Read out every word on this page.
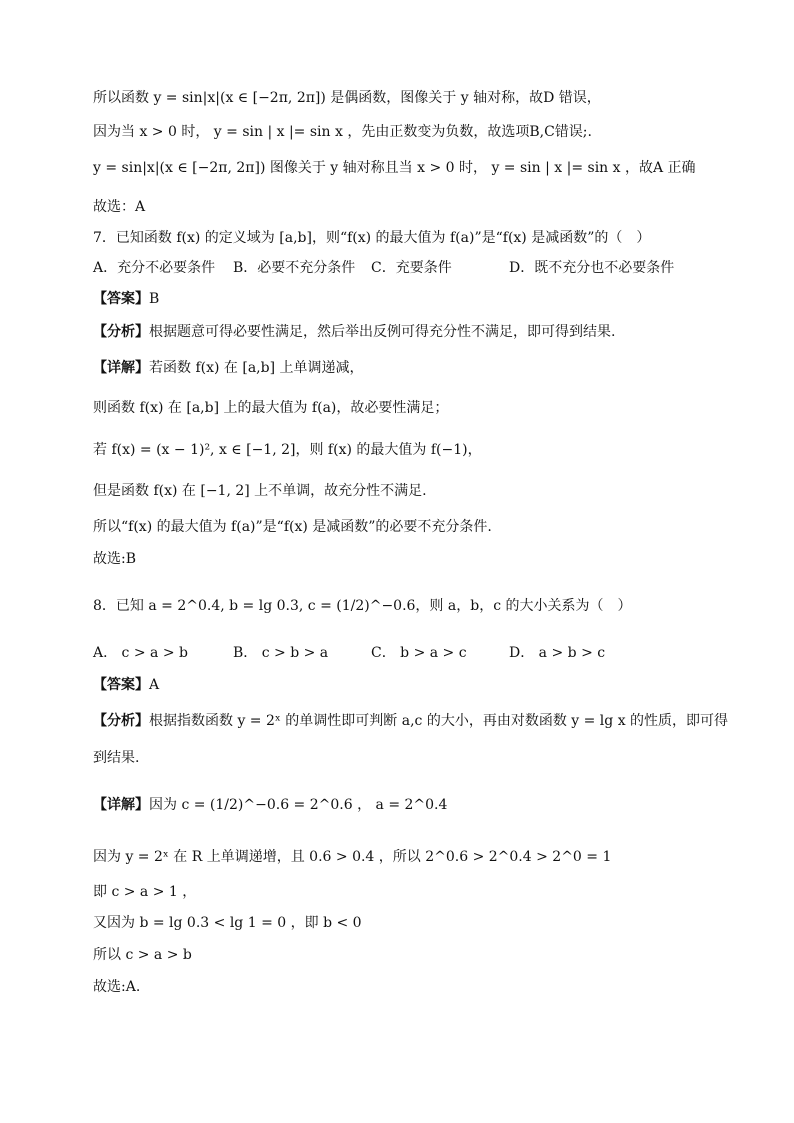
所以函数 y = sin|x|(x ∈ [−2π, 2π]) 是偶函数，图像关于 y 轴对称，故D 错误，
因为当 x > 0 时， y = sin | x |= sin x ，先由正数变为负数，故选项B,C错误;.
y = sin|x|(x ∈ [−2π, 2π]) 图像关于 y 轴对称且当 x > 0 时， y = sin | x |= sin x ，故A 正确
故选：A
7．已知函数 f(x) 的定义域为 [a,b]，则“f(x) 的最大值为 f(a)”是“f(x) 是减函数”的（　）
A．充分不必要条件 B．必要不充分条件 C．充要条件	D．既不充分也不必要条件
【答案】B
【分析】根据题意可得必要性满足，然后举出反例可得充分性不满足，即可得到结果.
【详解】若函数 f(x) 在 [a,b] 上单调递减，
则函数 f(x) 在 [a,b] 上的最大值为 f(a)，故必要性满足；
若 f(x) = (x − 1)², x ∈ [−1, 2]，则 f(x) 的最大值为 f(−1)，
但是函数 f(x) 在 [−1, 2] 上不单调，故充分性不满足.
所以“f(x) 的最大值为 f(a)”是“f(x) 是减函数”的必要不充分条件.
故选:B
8．已知 a = 2^0.4, b = lg 0.3, c = (1/2)^−0.6，则 a，b，c 的大小关系为（　）
A． c > a > b	B． c > b > a	C． b > a > c	D． a > b > c
【答案】A
【分析】根据指数函数 y = 2ˣ 的单调性即可判断 a,c 的大小，再由对数函数 y = lg x 的性质，即可得
到结果.
【详解】因为 c = (1/2)^−0.6 = 2^0.6 ， a = 2^0.4
因为 y = 2ˣ 在 R 上单调递增，且 0.6 > 0.4 ，所以 2^0.6 > 2^0.4 > 2^0 = 1
即 c > a > 1 ，
又因为 b = lg 0.3 < lg 1 = 0 ，即 b < 0
所以 c > a > b
故选:A.
